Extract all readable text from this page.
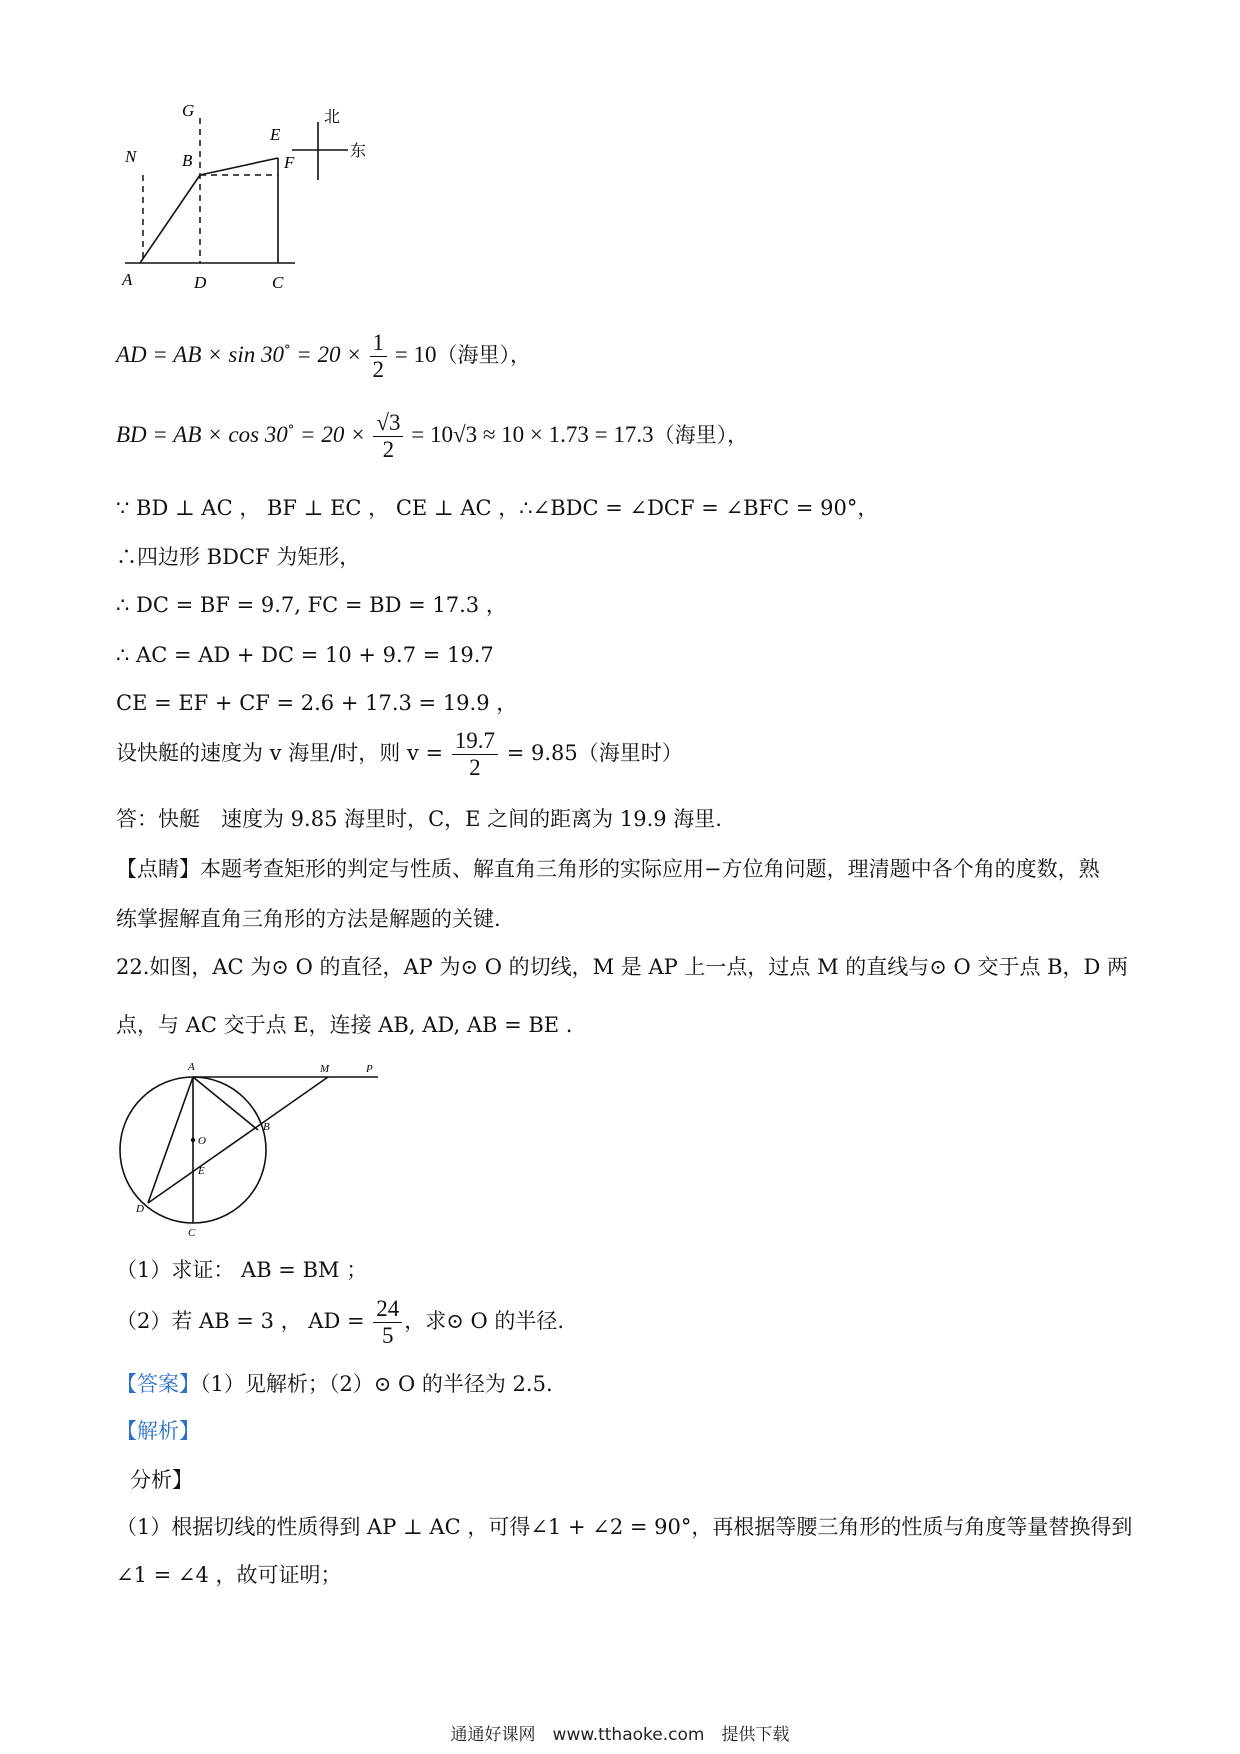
G
N	B
E
F
A	D	C
北
东
AD = AB × $\sin 30^\circ = 20 \times \frac{1}{2} = 10$（海里），
BD = AB × $\cos 30^\circ = 20 \times \frac{√3}{2} = 10√3 \approx 10 \times 1.73 = 17.3$（海里），
∵ BD ⊥ AC ， BF ⊥ EC ， CE ⊥ AC ，∴∠BDC = ∠DCF = ∠BFC = 90°，
∴四边形 BDCF 为矩形，
∴ DC = BF = 9.7, FC = BD = 17.3 ，
∴ AC = AD + DC = 10 + 9.7 = 19.7
CE = EF + CF = 2.6 + 17.3 = 19.9 ，
设快艇的速度为 v 海里/时，则 $v = \frac{19.7}{2} = 9.85$（海里时）
答：快艇　速度为 9.85 海里时，C，E 之间的距离为 19.9 海里.
【点睛】本题考查矩形的判定与性质、解直角三角形的实际应用−方位角问题，理清题中各个角的度数，熟
练掌握解直角三角形的方法是解题的关键.
22.如图，AC 为⊙ O 的直径，AP 为⊙ O 的切线，M 是 AP 上一点，过点 M 的直线与⊙ O 交于点 B，D 两
点，与 AC 交于点 E，连接 AB, AD, AB = BE .
A	M	P
B
O
E
D
C
（1）求证： AB = BM ；
（2）若 AB = 3 ， AD = $\frac{24}{5}$ ，求⊙ O 的半径.
【答案】（1）见解析；（2）⊙ O 的半径为 2.5.
【解析】
分析】
（1）根据切线的性质得到 AP ⊥ AC ，可得∠1 + ∠2 = 90°，再根据等腰三角形的性质与角度等量替换得到
∠1 = ∠4 ，故可证明；
通通好课网　www.tthaoke.com　提供下载
